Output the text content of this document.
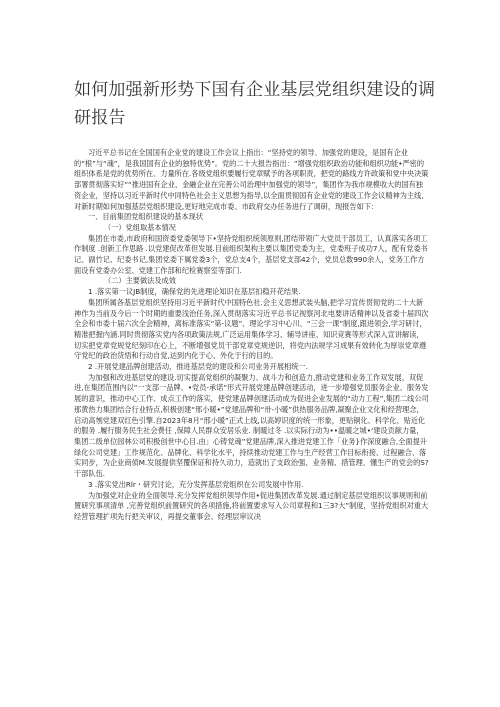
如何加强新形势下国有企业基层党组织建设的调研报告

习近平总书记在全国国有企业党的建设工作会议上指出：“坚持党的领导、加强党的建设，是国有企业的“根”与“魂”，是我国国有企业的独特优势”。党的二十大报告指出：“增强党组织政治功能和组织功能•严密的组织体系是党的优势所在、力量所在.各级党组织要履行党章赋予的各项职责，把党的路线方许政策和党中央决策部署贯彻落实好”“推进国有企业、金融企业在完善公司治理中加强党的领导”，集团作为我市规模收大的国有独资企业，坚持以习近平新时代中同特色社会主义思想为指导,以全面贯彻国有企业党的建设工作会议精神为主线,对新时期如何加强基层党组织建设,更好地完成市委、市政府交办任务进行了调研，现报告如下：

一、目前集团党组织建设的基本现状

（一）党组取基本情况

集团在市委,市政府和国资委党委领导下•坚持党组织统领原则,团结带领广大党员干部员工，认真落实各项工作制度 .创新工作思路 .以党建促改革但发展.目前组织架构主要以集团党委为主，党委班子成功7人，配有党委书记、副竹记、纪委书记,集团党委下属党委3个，党总支4个，基层党支部42个，党员总数990余人，党务工作方面设有党委办公室、党建工作部和纪检赛察室等部门.

（二）主要做法及成效

1 .落实第一议JB制度，确保党的先进理论知识在基层扣稳开花结果.

集团所属各基层党组织坚持用习近平新时代中国特色社.会主义思想武装头脑,把学习宣传贯彻党的二十大新神作为当前及今后一个时期的重要浅治任务,深入贯彻落实习近平总书记视察河北电要讲话精神以及省委十届四次全会和市委十届六次全会精神，离标准落实“第-议题”、理论学习中心川、“三会一课”制度,跟进领会,学习研讨，精准把握内涵.同时贵彻落实党内各项政策法规,广泛运用集体学习、辅导讲座、知识竞赛等形式深入宣讲解读，切实把党章党规党纪刻印在心上，不断增强党员干部党章党规逆识，将党内法规学习成果有效转化为厚崇党章遵守党纪的政治货悟和行动自觉,达到内化于心、外化于行的目的。

2 .开展党建品牌创建活动，推进基层党的建设和公司业务开展相统一.

为加强和改进基层党的建设.切实提高党组织的凝聚力、战斗力和创造力,推动党建和业务工作双发展、双促进,在集团范围内以“一支部一品牌、•党员-承诺”形式开展党建品牌创建活动，进一步增强党员服务企业、服务发展的意识，推动中心工作、成点工作的落实，使党建品牌创建活动成为促进企业发展的“动力工程”,集团二线公司那黄热力集团结合行业特点,积极创建“邢小暖•”党建品牌和“卅-小暖”供热服务品牌,凝聚企业文化和经营理念，启动高刎党建双红色引擎.自2023年8月“邢小暖”正式上线,以高婷识度的统一形象，更贴铜化、科学化、贴近化的服务 .履行服务民生社会费任 ,保障人民群众安居乐业. 制暖过冬 .以实际行动为••温暖之城•‘建设贡献力量，集团二级单位园林公司积极创世中心目.由」心铸党魂”党建品牌,深入推进党建工作「业务}作深度融合,全面提升绿化公司党建」工作规范化、品牌化、科学化水平，持续推动党建工作与生产经营工作目标衔接、过程融合、落实同步，为企业商侦M.发展提供坚覆保证和持久动力，造就出了支政治强、业务精、措管理、懂生产的党会的S?干部队伍.

3 .落实党出Rlr・研究讨论，充分发挥基层党组织在公司发展中作用.

为加强党对企业的全面领导.充分发挥党组织领导作用•促进集团改革发展.通过制定基层党组织议事规则和前置研究事项清单 ,完善党组织前置研究的各项措施,将前置要求写入公司章程和1三3?大”制度，坚持党组织对重大经营管理扩项先行把关审议，再提交董事会、经理层审议决
